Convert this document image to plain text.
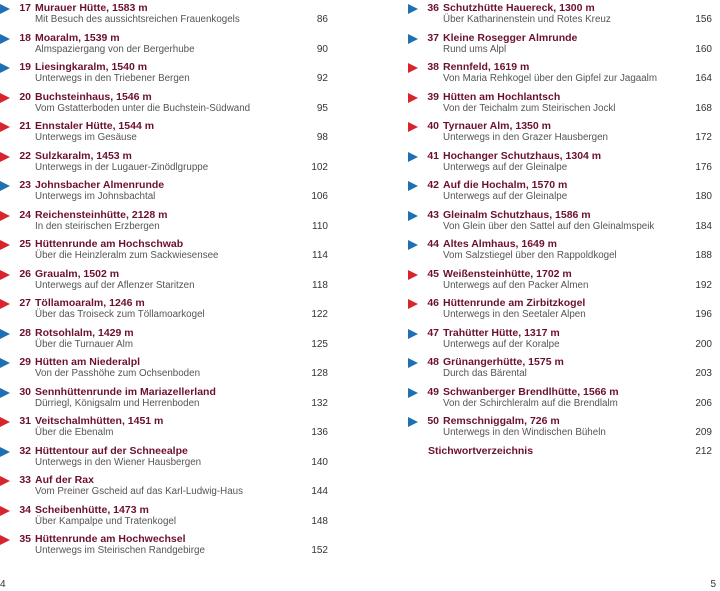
17 Murauer Hütte, 1583 m
Mit Besuch des aussichtsreichen Frauenkogels	86
18 Moaralm, 1539 m
Almspaziergang von der Bergerhube	90
19 Liesingkaralm, 1540 m
Unterwegs in den Triebener Bergen	92
20 Buchsteinhaus, 1546 m
Vom Gstatterboden unter die Buchstein-Südwand	95
21 Ennstaler Hütte, 1544 m
Unterwegs im Gesäuse	98
22 Sulzkaralm, 1453 m
Unterwegs in der Lugauer-Zinödlgruppe	102
23 Johnsbacher Almenrunde
Unterwegs im Johnsbachtal	106
24 Reichensteinhütte, 2128 m
In den steirischen Erzbergen	110
25 Hüttenrunde am Hochschwab
Über die Heinzleralm zum Sackwiesensee	114
26 Graualm, 1502 m
Unterwegs auf der Aflenzer Staritzen	118
27 Töllamoaralm, 1246 m
Über das Troiseck zum Töllamoarkogel	122
28 Rotsohlalm, 1429 m
Über die Turnauer Alm	125
29 Hütten am Niederalpl
Von der Passhöhe zum Ochsenboden	128
30 Sennhüttenrunde im Mariazellerland
Dürriegl, Königsalm und Herrenboden	132
31 Veitschalmhütten, 1451 m
Über die Ebenalm	136
32 Hüttentour auf der Schneealpe
Unterwegs in den Wiener Hausbergen	140
33 Auf der Rax
Vom Preiner Gscheid auf das Karl-Ludwig-Haus	144
34 Scheibenhütte, 1473 m
Über Kampalpe und Tratenkogel	148
35 Hüttenrunde am Hochwechsel
Unterwegs im Steirischen Randgebirge	152
36 Schutzhütte Hauereck, 1300 m
Über Katharinenstein und Rotes Kreuz	156
37 Kleine Rosegger Almrunde
Rund ums Alpl	160
38 Rennfeld, 1619 m
Von Maria Rehkogel über den Gipfel zur Jagaalm	164
39 Hütten am Hochlantsch
Von der Teichalm zum Steirischen Jockl	168
40 Tyrnauer Alm, 1350 m
Unterwegs in den Grazer Hausbergen	172
41 Hochanger Schutzhaus, 1304 m
Unterwegs auf der Gleinalpe	176
42 Auf die Hochalm, 1570 m
Unterwegs auf der Gleinalpe	180
43 Gleinalm Schutzhaus, 1586 m
Von Glein über den Sattel auf den Gleinalmspeik	184
44 Altes Almhaus, 1649 m
Vom Salzstiegel über den Rappoldkogel	188
45 Weißensteinhütte, 1702 m
Unterwegs auf den Packer Almen	192
46 Hüttenrunde am Zirbitzkogel
Unterwegs in den Seetaler Alpen	196
47 Trahütter Hütte, 1317 m
Unterwegs auf der Koralpe	200
48 Grünangerhütte, 1575 m
Durch das Bärental	203
49 Schwanberger Brendlhütte, 1566 m
Von der Schirchleralm auf die Brendlalm	206
50 Remschniggalm, 726 m
Unterwegs in den Windischen Büheln	209
Stichwortverzeichnis	212
4	5
